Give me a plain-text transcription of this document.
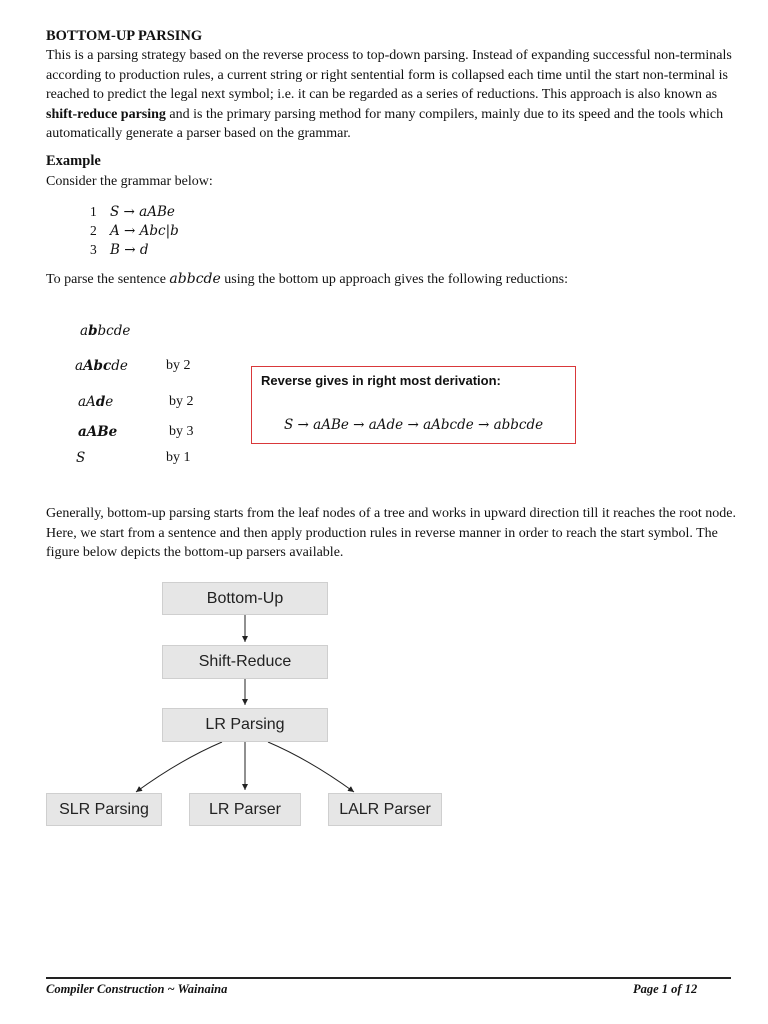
BOTTOM-UP PARSING

This is a parsing strategy based on the reverse process to top-down parsing. Instead of expanding successful non-terminals according to production rules, a current string or right sentential form is collapsed each time until the start non-terminal is reached to predict the legal next symbol; i.e. it can be regarded as a series of reductions. This approach is also known as shift-reduce parsing and is the primary parsing method for many compilers, mainly due to its speed and the tools which automatically generate a parser based on the grammar.

Example
Consider the grammar below:
1 S → aABe
2 A → Abc|b
3 B → d
To parse the sentence abbcde using the bottom up approach gives the following reductions:
abbcde
aAbcde	by 2
aAde	by 2
aABe	by 3
S	by 1
Reverse gives in right most derivation:
S → aABe → aAde → aAbcde → abbcde
Generally, bottom-up parsing starts from the leaf nodes of a tree and works in upward direction till it reaches the root node. Here, we start from a sentence and then apply production rules in reverse manner in order to reach the start symbol. The figure below depicts the bottom-up parsers available.
Bottom-Up
Shift-Reduce
LR Parsing
SLR Parsing	LR Parser	LALR Parser
Compiler Construction ~ Wainaina	Page 1 of 12
